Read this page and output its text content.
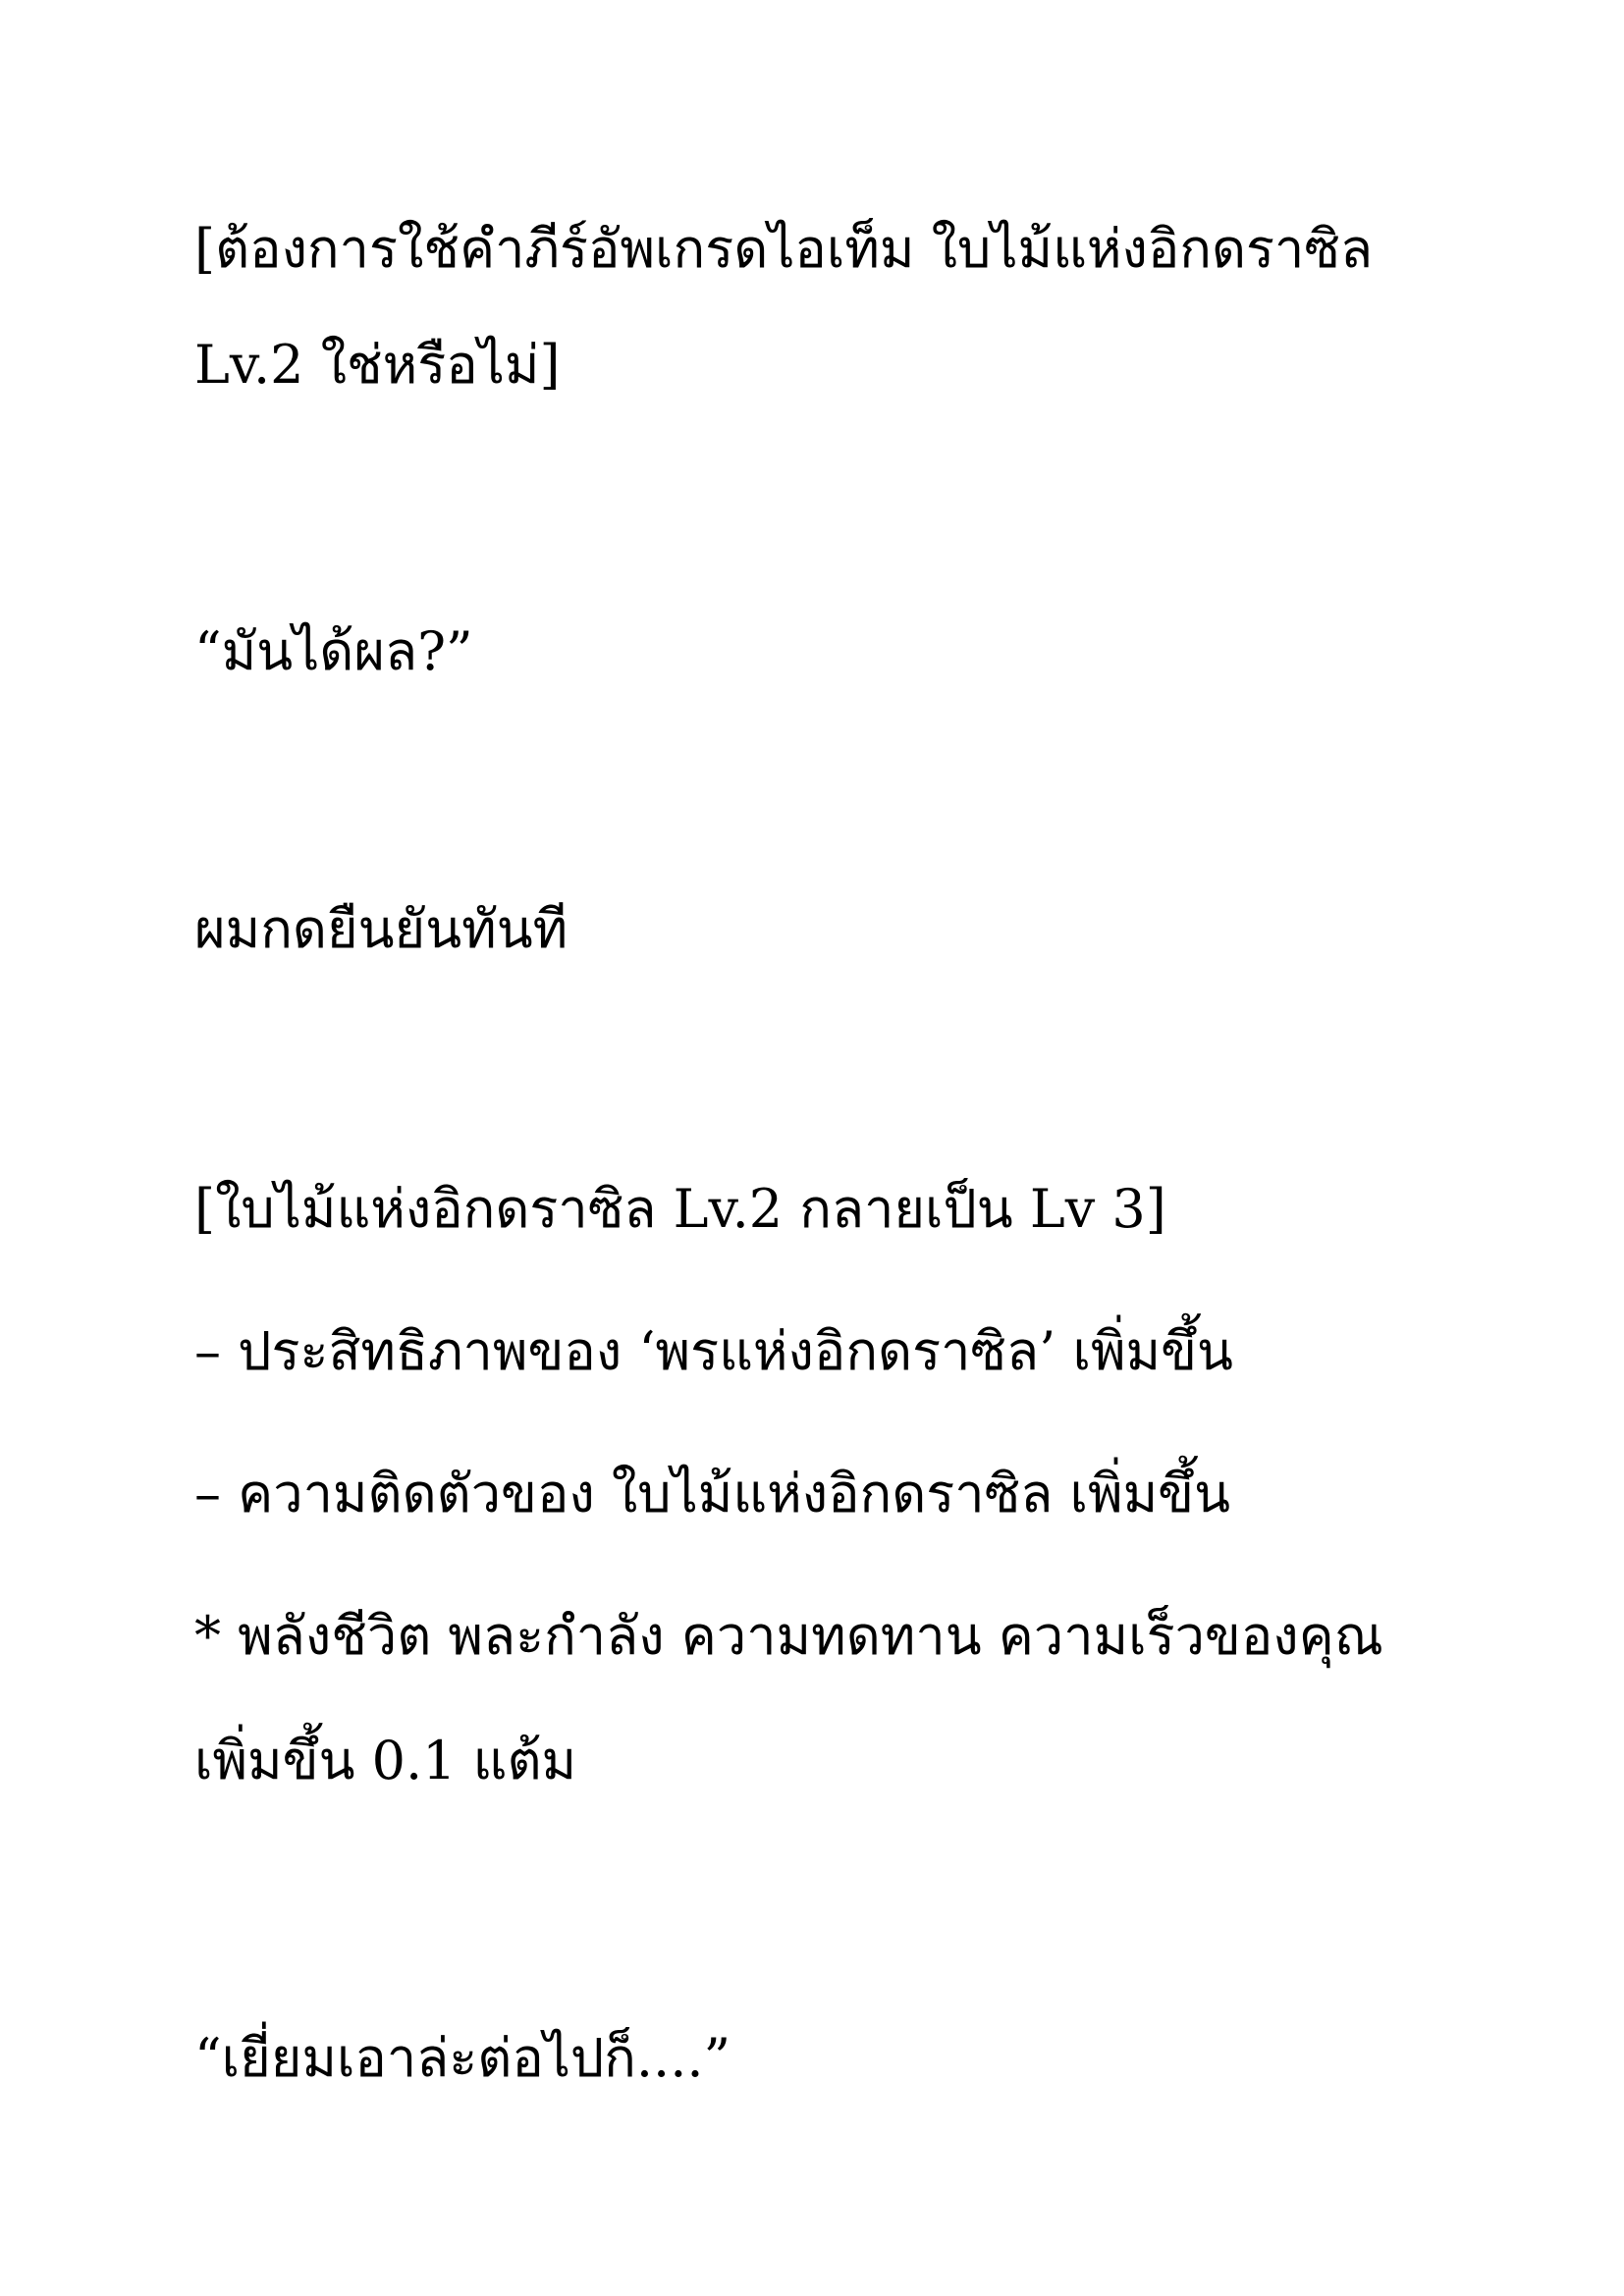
[ต้องการใช้คำภีร์อัพเกรดไอเท็ม ใบไม้แห่งอิกดราซิล

Lv.2 ใช่หรือไม่]

“มันได้ผล?”

ผมกดยืนยันทันที

[ใบไม้แห่งอิกดราซิล Lv.2 กลายเป็น Lv 3]

– ประสิทธิภาพของ ‘พรแห่งอิกดราซิล’ เพิ่มขึ้น

– ความติดตัวของ ใบไม้แห่งอิกดราซิล เพิ่มขึ้น

* พลังชีวิต พละกำลัง ความทดทาน ความเร็วของคุณ

เพิ่มขึ้น 0.1 แต้ม

“เยี่ยมเอาล่ะต่อไปก็....”
